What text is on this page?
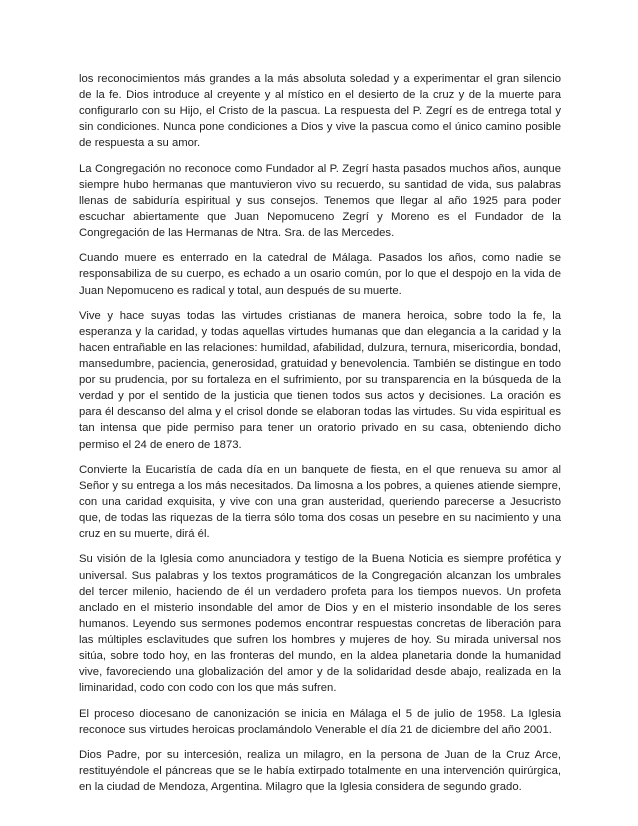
los reconocimientos más grandes a la más absoluta soledad y a experimentar el gran silencio de la fe. Dios introduce al creyente y al místico en el desierto de la cruz y de la muerte para configurarlo con su Hijo, el Cristo de la pascua. La respuesta del P. Zegrí es de entrega total y sin condiciones. Nunca pone condiciones a Dios y vive la pascua como el único camino posible de respuesta a su amor.

La Congregación no reconoce como Fundador al P. Zegrí hasta pasados muchos años, aunque siempre hubo hermanas que mantuvieron vivo su recuerdo, su santidad de vida, sus palabras llenas de sabiduría espiritual y sus consejos. Tenemos que llegar al año 1925 para poder escuchar abiertamente que Juan Nepomuceno Zegrí y Moreno es el Fundador de la Congregación de las Hermanas de Ntra. Sra. de las Mercedes.

Cuando muere es enterrado en la catedral de Málaga. Pasados los años, como nadie se responsabiliza de su cuerpo, es echado a un osario común, por lo que el despojo en la vida de Juan Nepomuceno es radical y total, aun después de su muerte.

Vive y hace suyas todas las virtudes cristianas de manera heroica, sobre todo la fe, la esperanza y la caridad, y todas aquellas virtudes humanas que dan elegancia a la caridad y la hacen entrañable en las relaciones: humildad, afabilidad, dulzura, ternura, misericordia, bondad, mansedumbre, paciencia, generosidad, gratuidad y benevolencia. También se distingue en todo por su prudencia, por su fortaleza en el sufrimiento, por su transparencia en la búsqueda de la verdad y por el sentido de la justicia que tienen todos sus actos y decisiones. La oración es para él descanso del alma y el crisol donde se elaboran todas las virtudes. Su vida espiritual es tan intensa que pide permiso para tener un oratorio privado en su casa, obteniendo dicho permiso el 24 de enero de 1873.

Convierte la Eucaristía de cada día en un banquete de fiesta, en el que renueva su amor al Señor y su entrega a los más necesitados. Da limosna a los pobres, a quienes atiende siempre, con una caridad exquisita, y vive con una gran austeridad, queriendo parecerse a Jesucristo que, de todas las riquezas de la tierra sólo toma dos cosas un pesebre en su nacimiento y una cruz en su muerte, dirá él.

Su visión de la Iglesia como anunciadora y testigo de la Buena Noticia es siempre profética y universal. Sus palabras y los textos programáticos de la Congregación alcanzan los umbrales del tercer milenio, haciendo de él un verdadero profeta para los tiempos nuevos. Un profeta anclado en el misterio insondable del amor de Dios y en el misterio insondable de los seres humanos. Leyendo sus sermones podemos encontrar respuestas concretas de liberación para las múltiples esclavitudes que sufren los hombres y mujeres de hoy. Su mirada universal nos sitúa, sobre todo hoy, en las fronteras del mundo, en la aldea planetaria donde la humanidad vive, favoreciendo una globalización del amor y de la solidaridad desde abajo, realizada en la liminaridad, codo con codo con los que más sufren.

El proceso diocesano de canonización se inicia en Málaga el 5 de julio de 1958. La Iglesia reconoce sus virtudes heroicas proclamándolo Venerable el día 21 de diciembre del año 2001.

Dios Padre, por su intercesión, realiza un milagro, en la persona de Juan de la Cruz Arce, restituyéndole el páncreas que se le había extirpado totalmente en una intervención quirúrgica, en la ciudad de Mendoza, Argentina. Milagro que la Iglesia considera de segundo grado.
